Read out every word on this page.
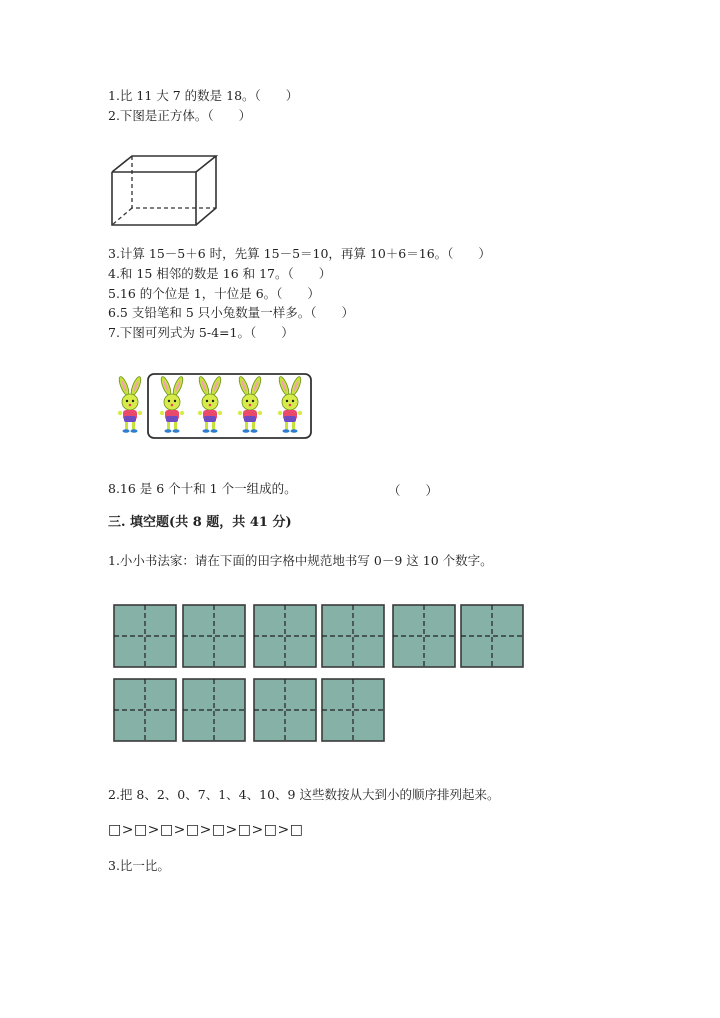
1.比 11 大 7 的数是 18。（　　）
2.下图是正方体。（　　）
3.计算 15－5＋6 时，先算 15－5＝10，再算 10＋6＝16。（　　）
4.和 15 相邻的数是 16 和 17。（　　）
5.16 的个位是 1，十位是 6。（　　）
6.5 支铅笔和 5 只小兔数量一样多。（　　）
7.下图可列式为 5-4=1。（　　）
8.16 是 6 个十和 1 个一组成的。	（　　）
三. 填空题(共 8 题，共 41 分)
1.小小书法家：请在下面的田字格中规范地书写 0－9 这 10 个数字。
2.把 8、2、0、7、1、4、10、9 这些数按从大到小的顺序排列起来。
□>□>□>□>□>□>□>□
3.比一比。
